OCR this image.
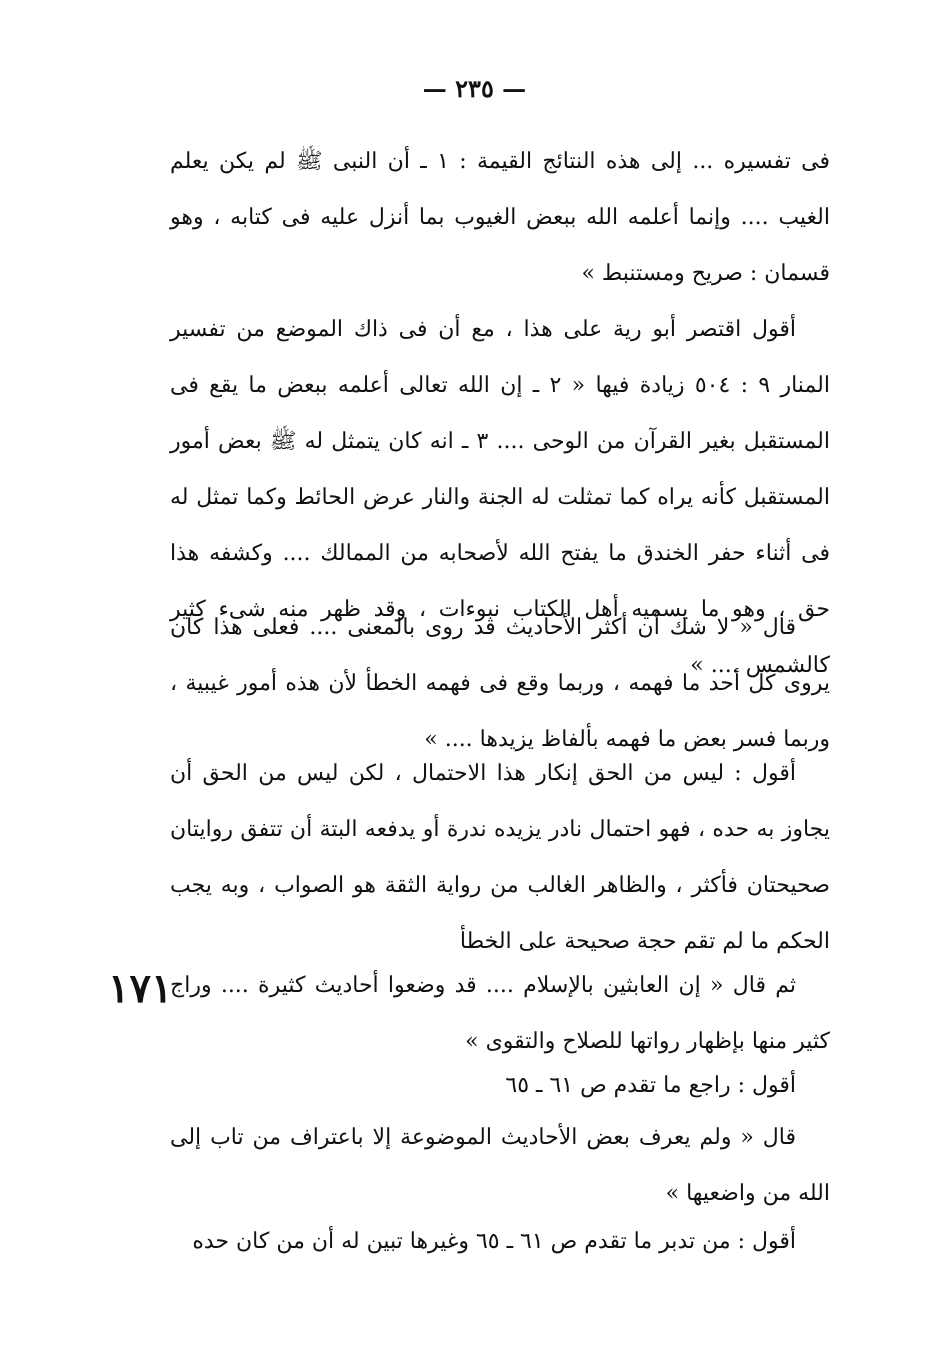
— ٢٣٥ —

فى تفسيره ... إلى هذه النتائج القيمة : ١ ـ أن النبى ﷺ لم يكن يعلم الغيب .... وإنما أعلمه الله ببعض الغيوب بما أنزل عليه فى كتابه ، وهو قسمان : صريح ومستنبط »

أقول اقتصر أبو رية على هذا ، مع أن فى ذاك الموضع من تفسير المنار ٩ : ٥٠٤ زيادة فيها « ٢ ـ إن الله تعالى أعلمه ببعض ما يقع فى المستقبل بغير القرآن من الوحى .... ٣ ـ انه كان يتمثل له ﷺ بعض أمور المستقبل كأنه يراه كما تمثلت له الجنة والنار عرض الحائط وكما تمثل له فى أثناء حفر الخندق ما يفتح الله لأصحابه من الممالك .... وكشفه هذا حق ، وهو ما يسميه أهل الكتاب نبوءات ، وقد ظهر منه شىء كثير كالشمس .... »

قال « لا شك أن أكثر الأحاديث قد روى بالمعنى .... فعلى هذا كان يروى كل أحد ما فهمه ، وربما وقع فى فهمه الخطأ لأن هذه أمور غيبية ، وربما فسر بعض ما فهمه بألفاظ يزيدها .... »

أقول : ليس من الحق إنكار هذا الاحتمال ، لكن ليس من الحق أن يجاوز به حده ، فهو احتمال نادر يزيده ندرة أو يدفعه البتة أن تتفق روايتان صحيحتان فأكثر ، والظاهر الغالب من رواية الثقة هو الصواب ، وبه يجب الحكم ما لم تقم حجة صحيحة على الخطأ

١٧١

ثم قال « إن العابثين بالإسلام .... قد وضعوا أحاديث كثيرة .... وراج كثير منها بإظهار رواتها للصلاح والتقوى »

أقول : راجع ما تقدم ص ٦١ ـ ٦٥

قال « ولم يعرف بعض الأحاديث الموضوعة إلا باعتراف من تاب إلى الله من واضعيها »

أقول : من تدبر ما تقدم ص ٦١ ـ ٦٥ وغيرها تبين له أن من كان حده
